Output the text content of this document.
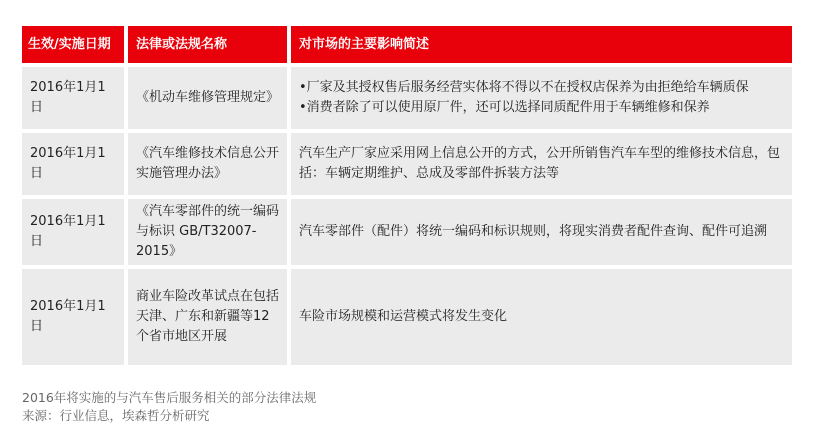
生效/实施日期	法律或法规名称	对市场的主要影响简述
2016年1月1日
《机动车维修管理规定》
•厂家及其授权售后服务经营实体将不得以不在授权店保养为由拒绝给车辆质保
•消费者除了可以使用原厂件，还可以选择同质配件用于车辆维修和保养
2016年1月1日
《汽车维修技术信息公开实施管理办法》
汽车生产厂家应采用网上信息公开的方式，公开所销售汽车车型的维修技术信息，包括：车辆定期维护、总成及零部件拆装方法等
2016年1月1日
《汽车零部件的统一编码与标识 GB/T32007-2015》
汽车零部件（配件）将统一编码和标识规则，将现实消费者配件查询、配件可追溯
2016年1月1日
商业车险改革试点在包括天津、广东和新疆等12个省市地区开展
车险市场规模和运营模式将发生变化
2016年将实施的与汽车售后服务相关的部分法律法规
来源：行业信息，埃森哲分析研究
